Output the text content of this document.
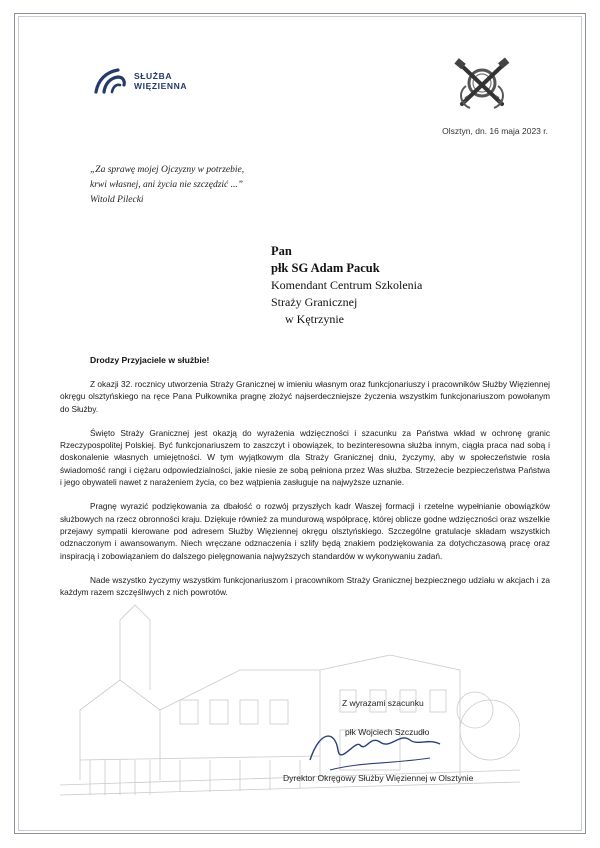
SŁUŻBA
WIĘZIENNA
Olsztyn, dn. 16 maja 2023 r.
„Za sprawę mojej Ojczyzny w potrzebie,
krwi własnej, ani życia nie szczędzić ...”
Witold Pilecki
Pan
płk SG Adam Pacuk
Komendant Centrum Szkolenia
Straży Granicznej
w Kętrzynie
Drodzy Przyjaciele w służbie!

Z okazji 32. rocznicy utworzenia Straży Granicznej w imieniu własnym oraz funkcjonariuszy i pracowników Służby Więziennej okręgu olsztyńskiego na ręce Pana Pułkownika pragnę złożyć najserdeczniejsze życzenia wszystkim funkcjonariuszom powołanym do Służby.

Święto Straży Granicznej jest okazją do wyrażenia wdzięczności i szacunku za Państwa wkład w ochronę granic Rzeczypospolitej Polskiej. Być funkcjonariuszem to zaszczyt i obowiązek, to bezinteresowna służba innym, ciągła praca nad sobą i doskonalenie własnych umiejętności. W tym wyjątkowym dla Straży Granicznej dniu, życzymy, aby w społeczeństwie rosła świadomość rangi i ciężaru odpowiedzialności, jakie niesie ze sobą pełniona przez Was służba. Strzeżecie bezpieczeństwa Państwa i jego obywateli nawet z narażeniem życia, co bez wątpienia zasługuje na najwyższe uznanie.

Pragnę wyrazić podziękowania za dbałość o rozwój przyszłych kadr Waszej formacji i rzetelne wypełnianie obowiązków służbowych na rzecz obronności kraju. Dziękuje również za mundurową współpracę, której oblicze godne wdzięczności oraz wszelkie przejawy sympatii kierowane pod adresem Służby Więziennej okręgu olsztyńskiego. Szczególne gratulacje składam wszystkich odznaczonym i awansowanym. Niech wręczane odznaczenia i szlify będą znakiem podziękowania za dotychczasową pracę oraz inspiracją i zobowiązaniem do dalszego pielęgnowania najwyższych standardów w wykonywaniu zadań.

Nade wszystko życzymy wszystkim funkcjonariuszom i pracownikom Straży Granicznej bezpiecznego udziału w akcjach i za każdym razem szczęśliwych z nich powrotów.

Z wyrazami szacunku
płk Wojciech Szczudło
Dyrektor Okręgowy Służby Więziennej w Olsztynie
